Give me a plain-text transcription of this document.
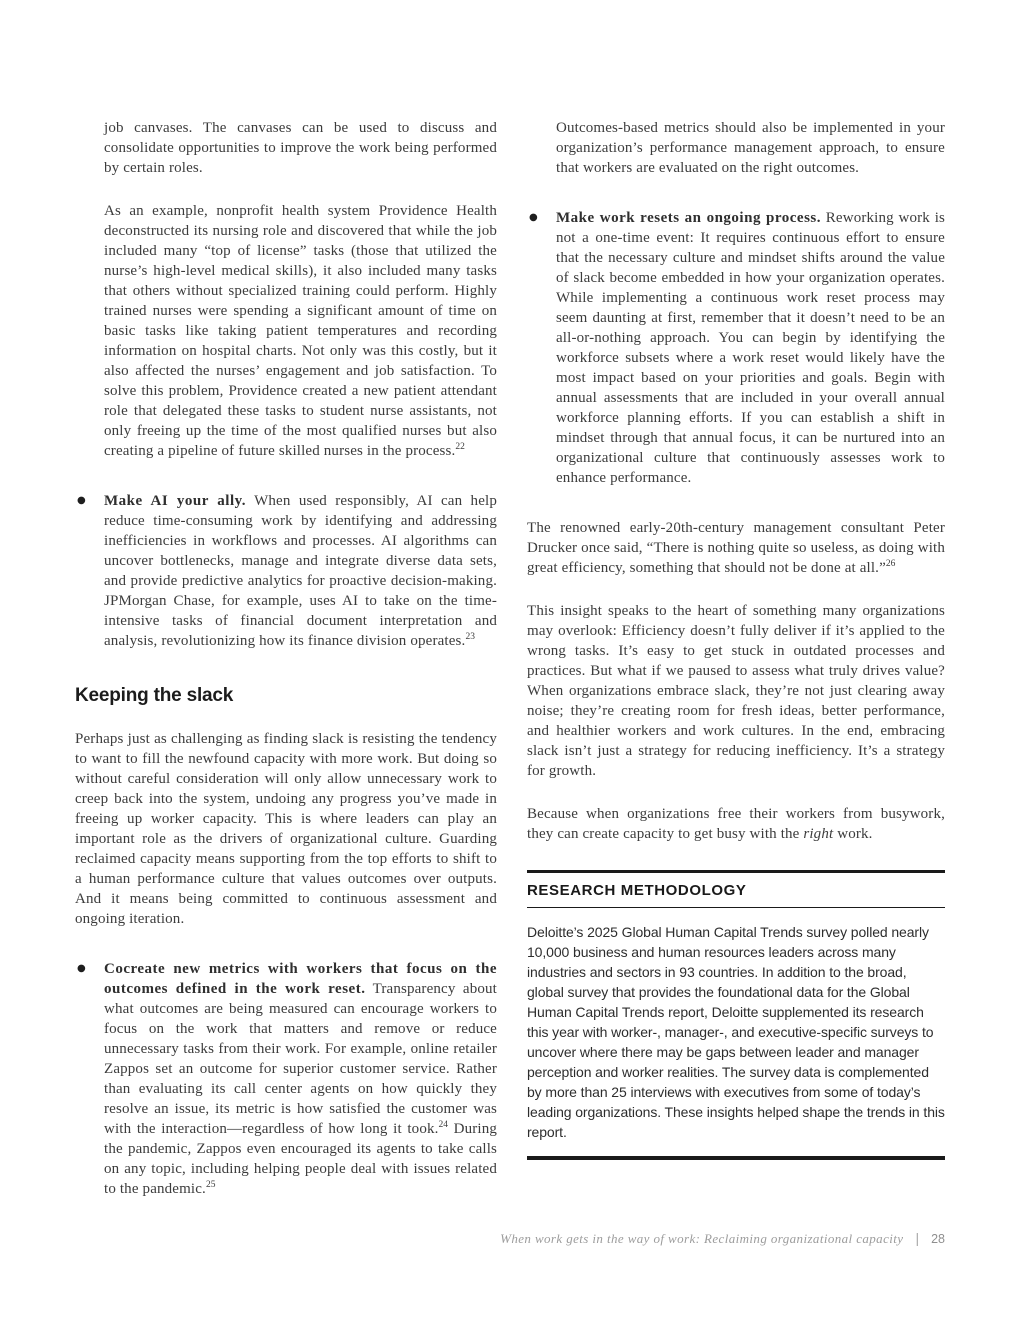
job canvases. The canvases can be used to discuss and consolidate opportunities to improve the work being performed by certain roles.

As an example, nonprofit health system Providence Health deconstructed its nursing role and discovered that while the job included many “top of license” tasks (those that utilized the nurse’s high-level medical skills), it also included many tasks that others without specialized training could perform. Highly trained nurses were spending a significant amount of time on basic tasks like taking patient temperatures and recording information on hospital charts. Not only was this costly, but it also affected the nurses’ engagement and job satisfaction. To solve this problem, Providence created a new patient attendant role that delegated these tasks to student nurse assistants, not only freeing up the time of the most qualified nurses but also creating a pipeline of future skilled nurses in the process.$^{22}$

● Make AI your ally. When used responsibly, AI can help reduce time-consuming work by identifying and addressing inefficiencies in workflows and processes. AI algorithms can uncover bottlenecks, manage and integrate diverse data sets, and provide predictive analytics for proactive decision-making. JPMorgan Chase, for example, uses AI to take on the time-intensive tasks of financial document interpretation and analysis, revolutionizing how its finance division operates.$^{23}$

Keeping the slack

Perhaps just as challenging as finding slack is resisting the tendency to want to fill the newfound capacity with more work. But doing so without careful consideration will only allow unnecessary work to creep back into the system, undoing any progress you’ve made in freeing up worker capacity. This is where leaders can play an important role as the drivers of organizational culture. Guarding reclaimed capacity means supporting from the top efforts to shift to a human performance culture that values outcomes over outputs. And it means being committed to continuous assessment and ongoing iteration.

● Cocreate new metrics with workers that focus on the outcomes defined in the work reset. Transparency about what outcomes are being measured can encourage workers to focus on the work that matters and remove or reduce unnecessary tasks from their work. For example, online retailer Zappos set an outcome for superior customer service. Rather than evaluating its call center agents on how quickly they resolve an issue, its metric is how satisfied the customer was with the interaction—regardless of how long it took.$^{24}$ During the pandemic, Zappos even encouraged its agents to take calls on any topic, including helping people deal with issues related to the pandemic.$^{25}$

Outcomes-based metrics should also be implemented in your organization’s performance management approach, to ensure that workers are evaluated on the right outcomes.

● Make work resets an ongoing process. Reworking work is not a one-time event: It requires continuous effort to ensure that the necessary culture and mindset shifts around the value of slack become embedded in how your organization operates. While implementing a continuous work reset process may seem daunting at first, remember that it doesn’t need to be an all-or-nothing approach. You can begin by identifying the workforce subsets where a work reset would likely have the most impact based on your priorities and goals. Begin with annual assessments that are included in your overall annual workforce planning efforts. If you can establish a shift in mindset through that annual focus, it can be nurtured into an organizational culture that continuously assesses work to enhance performance.

The renowned early-20th-century management consultant Peter Drucker once said, “There is nothing quite so useless, as doing with great efficiency, something that should not be done at all.”$^{26}$

This insight speaks to the heart of something many organizations may overlook: Efficiency doesn’t fully deliver if it’s applied to the wrong tasks. It’s easy to get stuck in outdated processes and practices. But what if we paused to assess what truly drives value? When organizations embrace slack, they’re not just clearing away noise; they’re creating room for fresh ideas, better performance, and healthier workers and work cultures. In the end, embracing slack isn’t just a strategy for reducing inefficiency. It’s a strategy for growth.

Because when organizations free their workers from busywork, they can create capacity to get busy with the right work.

RESEARCH METHODOLOGY

Deloitte’s 2025 Global Human Capital Trends survey polled nearly 10,000 business and human resources leaders across many industries and sectors in 93 countries. In addition to the broad, global survey that provides the foundational data for the Global Human Capital Trends report, Deloitte supplemented its research this year with worker-, manager-, and executive-specific surveys to uncover where there may be gaps between leader and manager perception and worker realities. The survey data is complemented by more than 25 interviews with executives from some of today’s leading organizations. These insights helped shape the trends in this report.

When work gets in the way of work: Reclaiming organizational capacity | 28
